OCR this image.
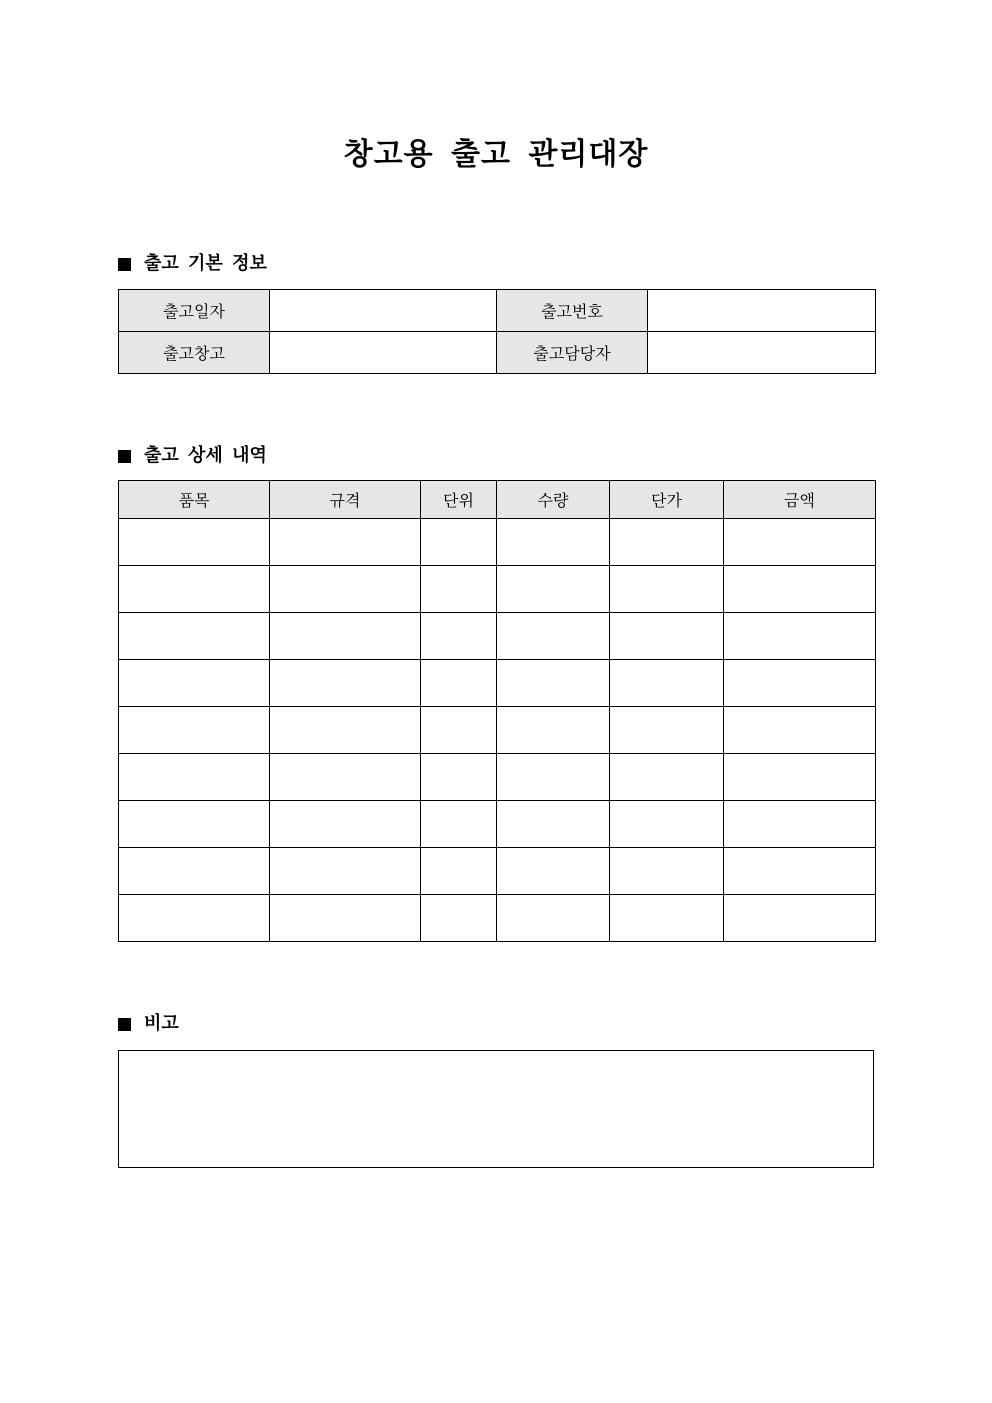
창고용 출고 관리대장
출고 기본 정보
출고일자		출고번호	
출고창고		출고담당자	
출고 상세 내역
품목	규격	단위	수량	단가	금액

비고
